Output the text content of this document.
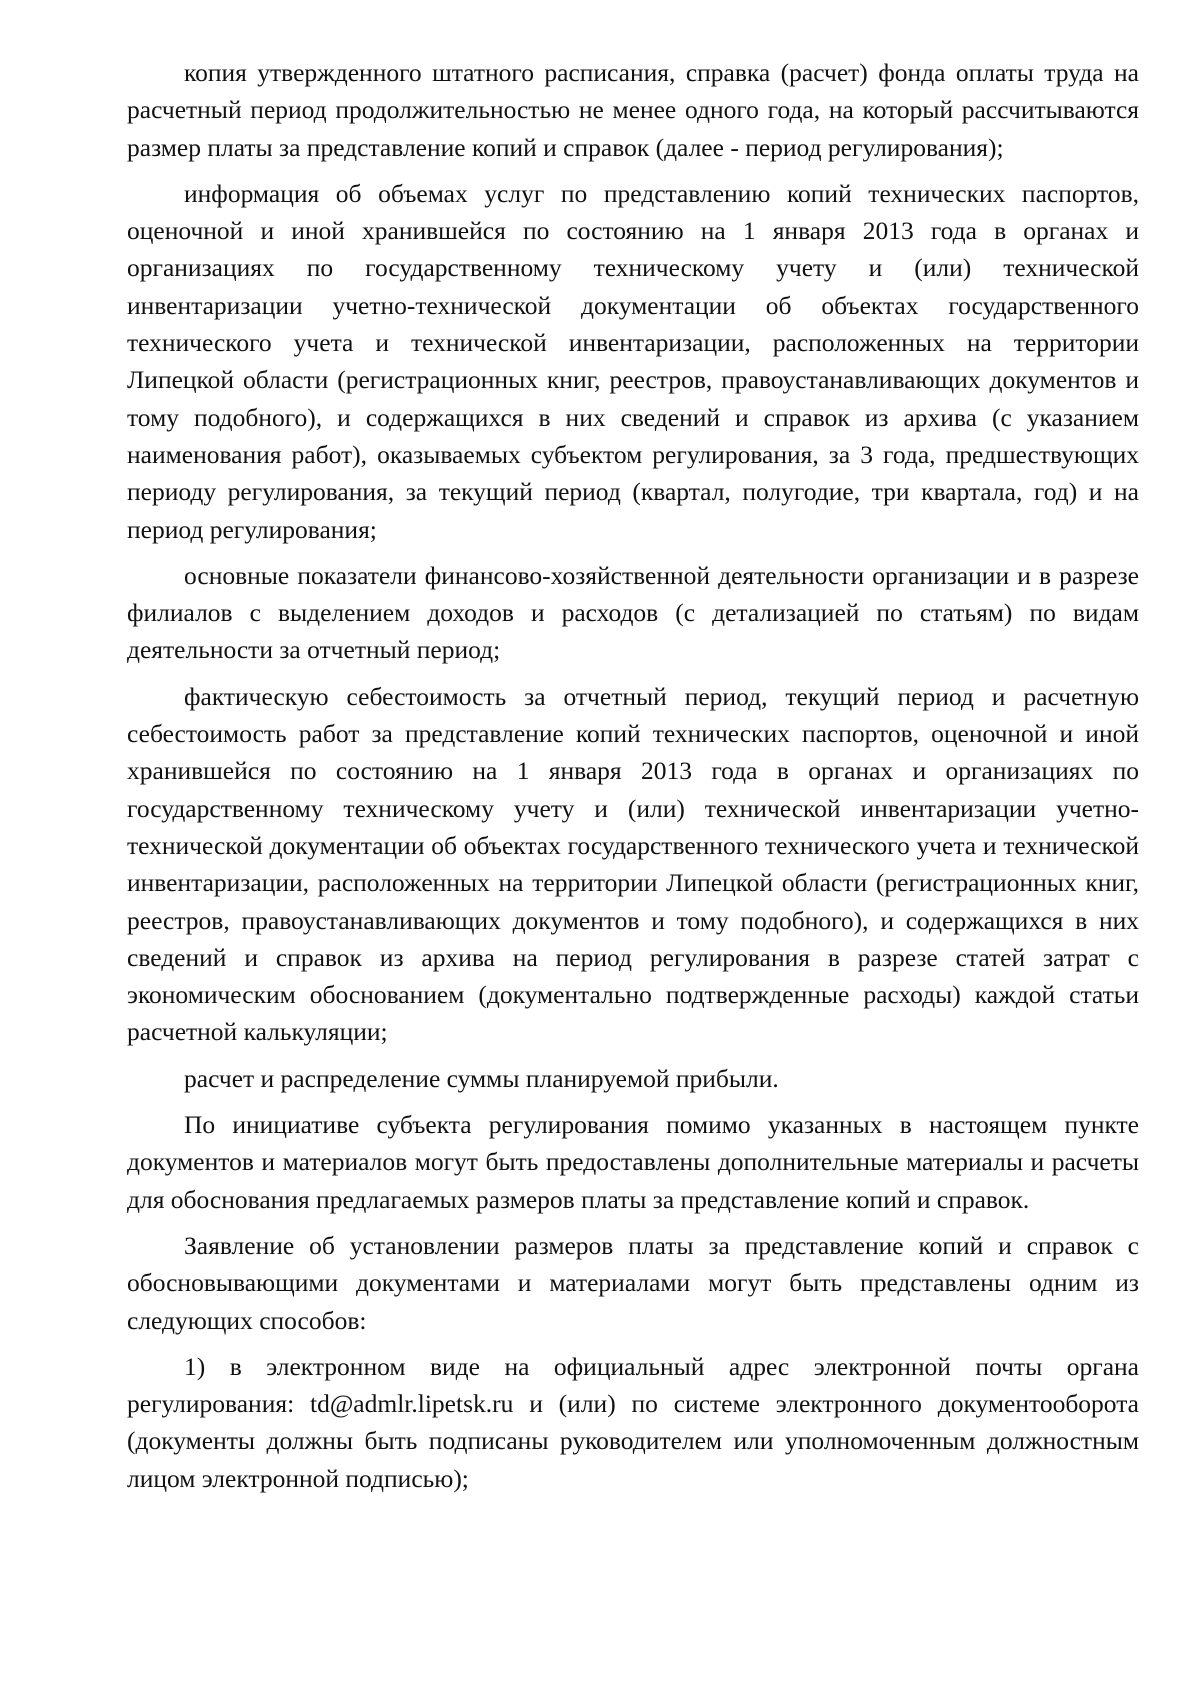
копия утвержденного штатного расписания, справка (расчет) фонда оплаты труда на расчетный период продолжительностью не менее одного года, на который рассчитываются размер платы за представление копий и справок (далее - период регулирования);

информация об объемах услуг по представлению копий технических паспортов, оценочной и иной хранившейся по состоянию на 1 января 2013 года в органах и организациях по государственному техническому учету и (или) технической инвентаризации учетно-технической документации об объектах государственного технического учета и технической инвентаризации, расположенных на территории Липецкой области (регистрационных книг, реестров, правоустанавливающих документов и тому подобного), и содержащихся в них сведений и справок из архива (с указанием наименования работ), оказываемых субъектом регулирования, за 3 года, предшествующих периоду регулирования, за текущий период (квартал, полугодие, три квартала, год) и на период регулирования;

основные показатели финансово-хозяйственной деятельности организации и в разрезе филиалов с выделением доходов и расходов (с детализацией по статьям) по видам деятельности за отчетный период;

фактическую себестоимость за отчетный период, текущий период и расчетную себестоимость работ за представление копий технических паспортов, оценочной и иной хранившейся по состоянию на 1 января 2013 года в органах и организациях по государственному техническому учету и (или) технической инвентаризации учетно-технической документации об объектах государственного технического учета и технической инвентаризации, расположенных на территории Липецкой области (регистрационных книг, реестров, правоустанавливающих документов и тому подобного), и содержащихся в них сведений и справок из архива на период регулирования в разрезе статей затрат с экономическим обоснованием (документально подтвержденные расходы) каждой статьи расчетной калькуляции;

расчет и распределение суммы планируемой прибыли.

По инициативе субъекта регулирования помимо указанных в настоящем пункте документов и материалов могут быть предоставлены дополнительные материалы и расчеты для обоснования предлагаемых размеров платы за представление копий и справок.

Заявление об установлении размеров платы за представление копий и справок с обосновывающими документами и материалами могут быть представлены одним из следующих способов:

1) в электронном виде на официальный адрес электронной почты органа регулирования: td@admlr.lipetsk.ru и (или) по системе электронного документооборота (документы должны быть подписаны руководителем или уполномоченным должностным лицом электронной подписью);
